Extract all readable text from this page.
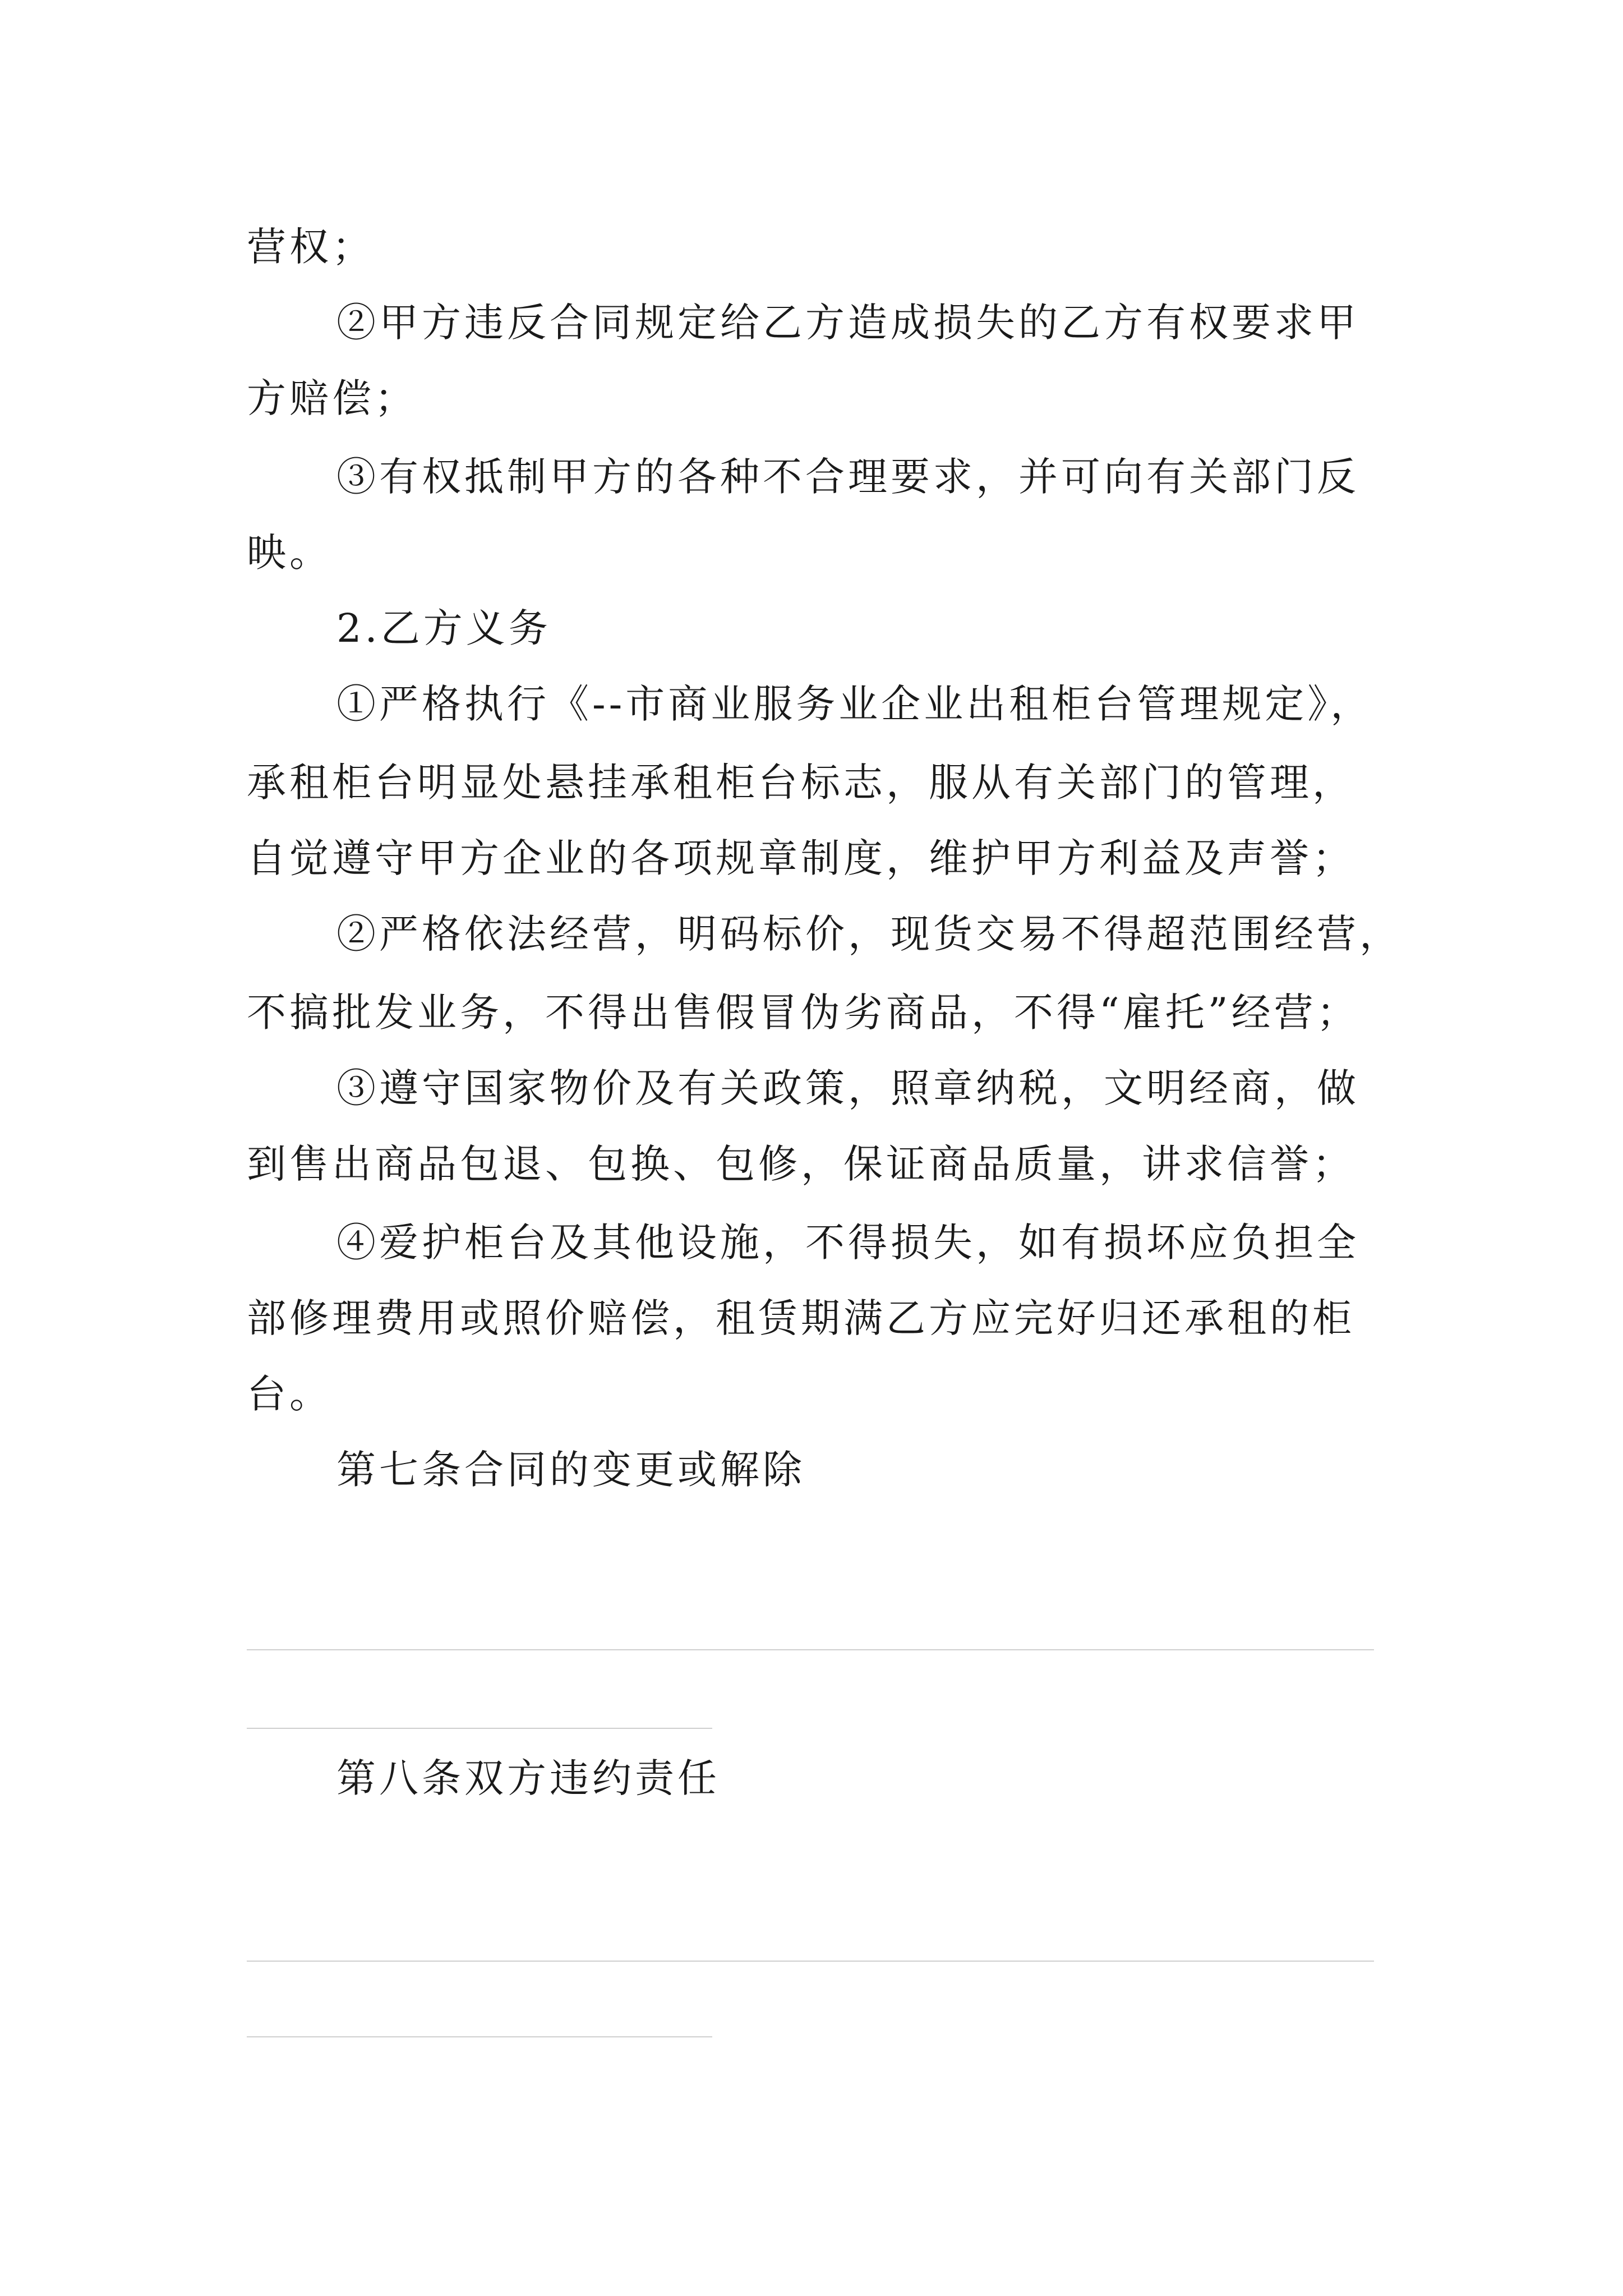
营权；
②甲方违反合同规定给乙方造成损失的乙方有权要求甲
方赔偿；
③有权抵制甲方的各种不合理要求，并可向有关部门反
映。
2.乙方义务
①严格执行《--市商业服务业企业出租柜台管理规定》，
承租柜台明显处悬挂承租柜台标志，服从有关部门的管理，
自觉遵守甲方企业的各项规章制度，维护甲方利益及声誉；
②严格依法经营，明码标价，现货交易不得超范围经营，
不搞批发业务，不得出售假冒伪劣商品，不得“雇托”经营；
③遵守国家物价及有关政策，照章纳税，文明经商，做
到售出商品包退、包换、包修，保证商品质量，讲求信誉；
④爱护柜台及其他设施，不得损失，如有损坏应负担全
部修理费用或照价赔偿，租赁期满乙方应完好归还承租的柜
台。
第七条合同的变更或解除
第八条双方违约责任
